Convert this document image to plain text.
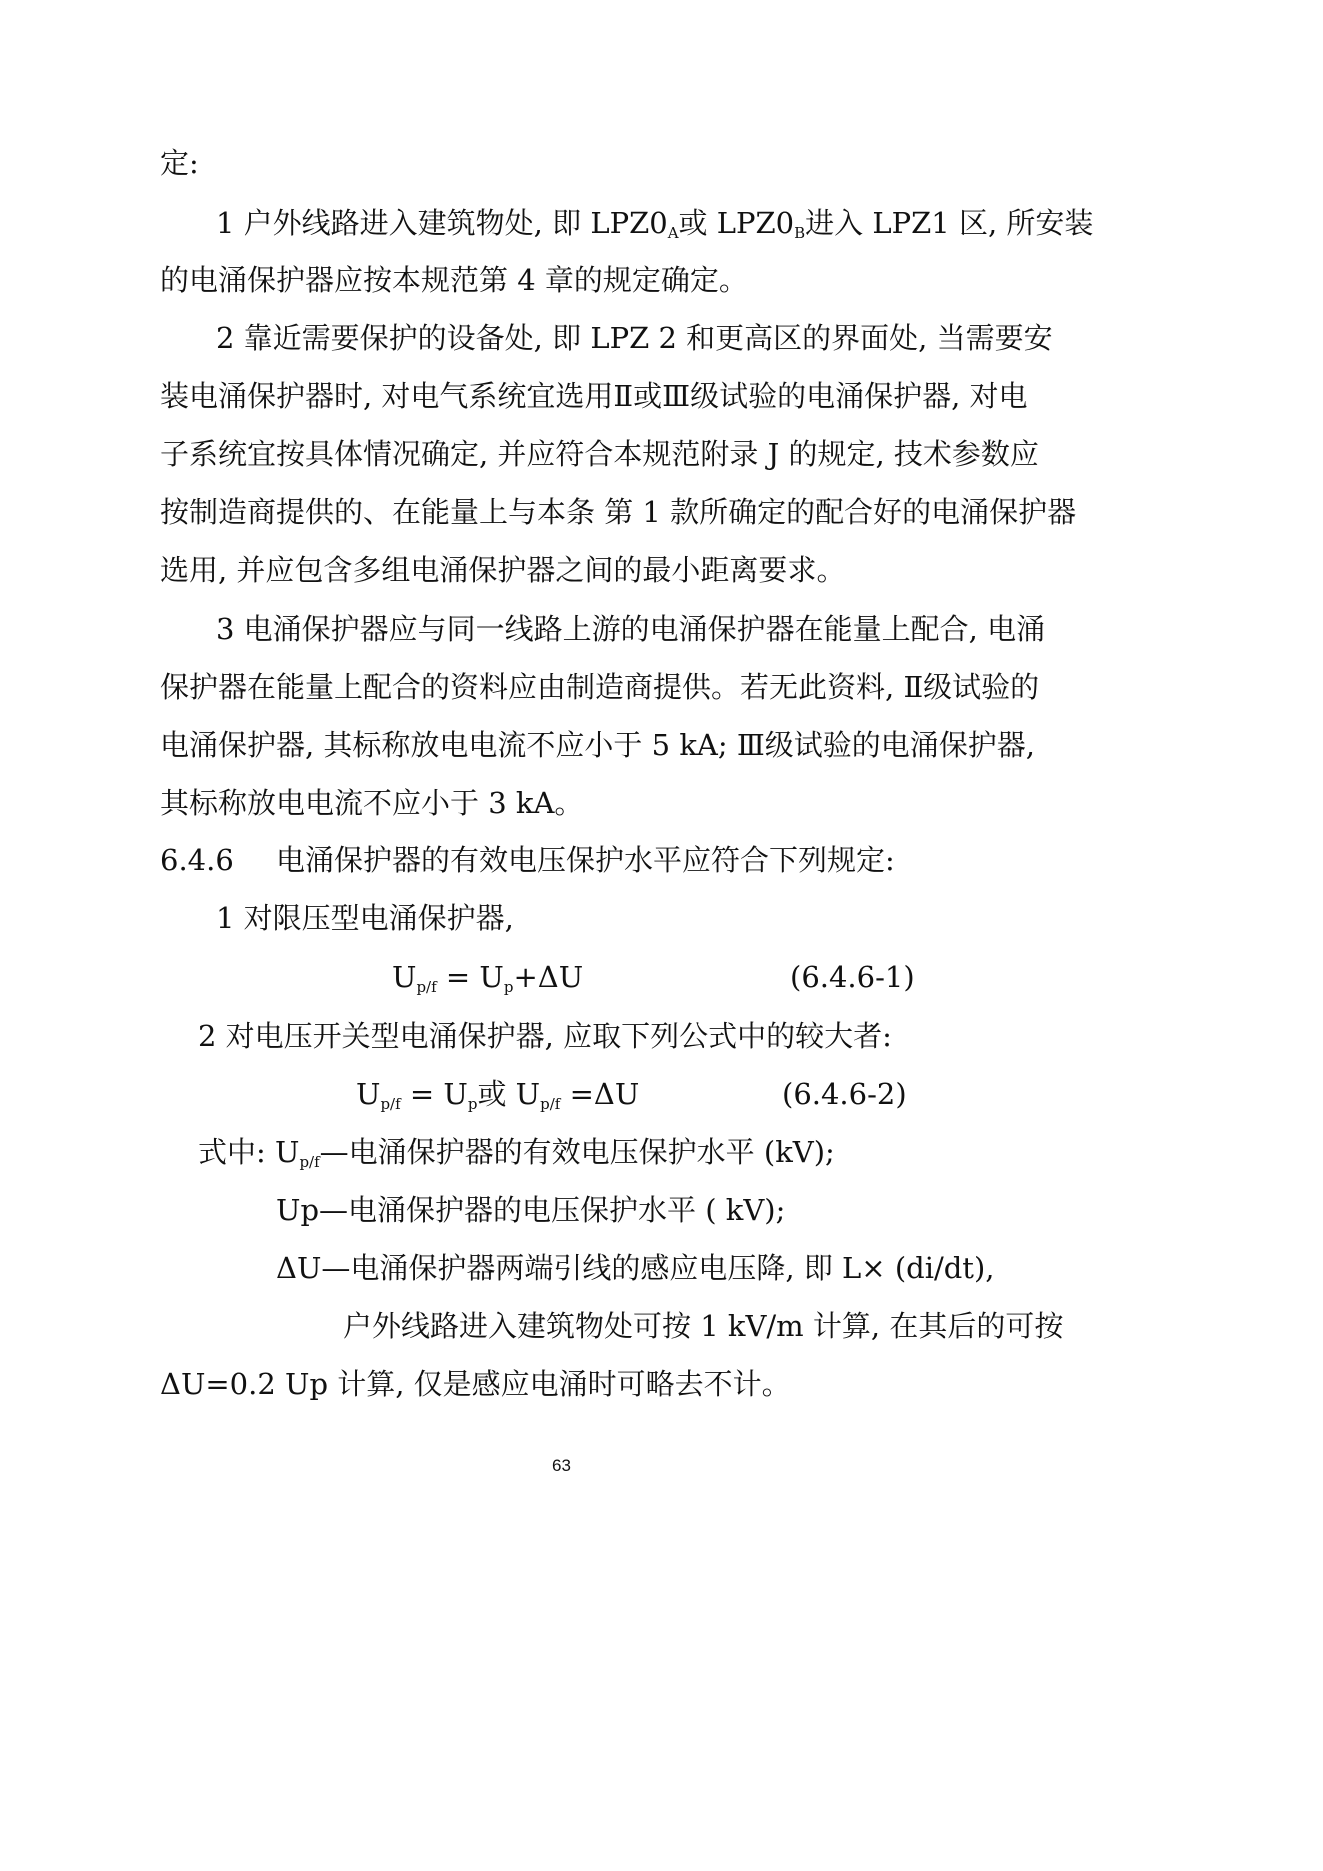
定:
1 户外线路进入建筑物处, 即 $LPZ0_A$或 $LPZ0_B$进入 LPZ1 区, 所安装
的电涌保护器应按本规范第 4 章的规定确定。
2 靠近需要保护的设备处, 即 LPZ 2 和更高区的界面处, 当需要安
装电涌保护器时, 对电气系统宜选用Ⅱ或Ⅲ级试验的电涌保护器, 对电
子系统宜按具体情况确定, 并应符合本规范附录 J 的规定, 技术参数应
按制造商提供的、在能量上与本条 第 1 款所确定的配合好的电涌保护器
选用, 并应包含多组电涌保护器之间的最小距离要求。
3 电涌保护器应与同一线路上游的电涌保护器在能量上配合, 电涌
保护器在能量上配合的资料应由制造商提供。若无此资料, Ⅱ级试验的
电涌保护器, 其标称放电电流不应小于 5 kA; Ⅲ级试验的电涌保护器,
其标称放电电流不应小于 3 kA。
6.4.6 电涌保护器的有效电压保护水平应符合下列规定:
1 对限压型电涌保护器,
$U_{p/f} = U_p+\Delta U$	(6.4.6-1)
2 对电压开关型电涌保护器, 应取下列公式中的较大者:
$U_{p/f} = U_p$或 $U_{p/f} =\Delta U$	(6.4.6-2)
式中: $U_{p/f}—$电涌保护器的有效电压保护水平 (kV);
Up—电涌保护器的电压保护水平 ( kV);
ΔU—电涌保护器两端引线的感应电压降, 即 L× (di/dt),
户外线路进入建筑物处可按 1 kV/m 计算, 在其后的可按
ΔU=0.2 Up 计算, 仅是感应电涌时可略去不计。
63
